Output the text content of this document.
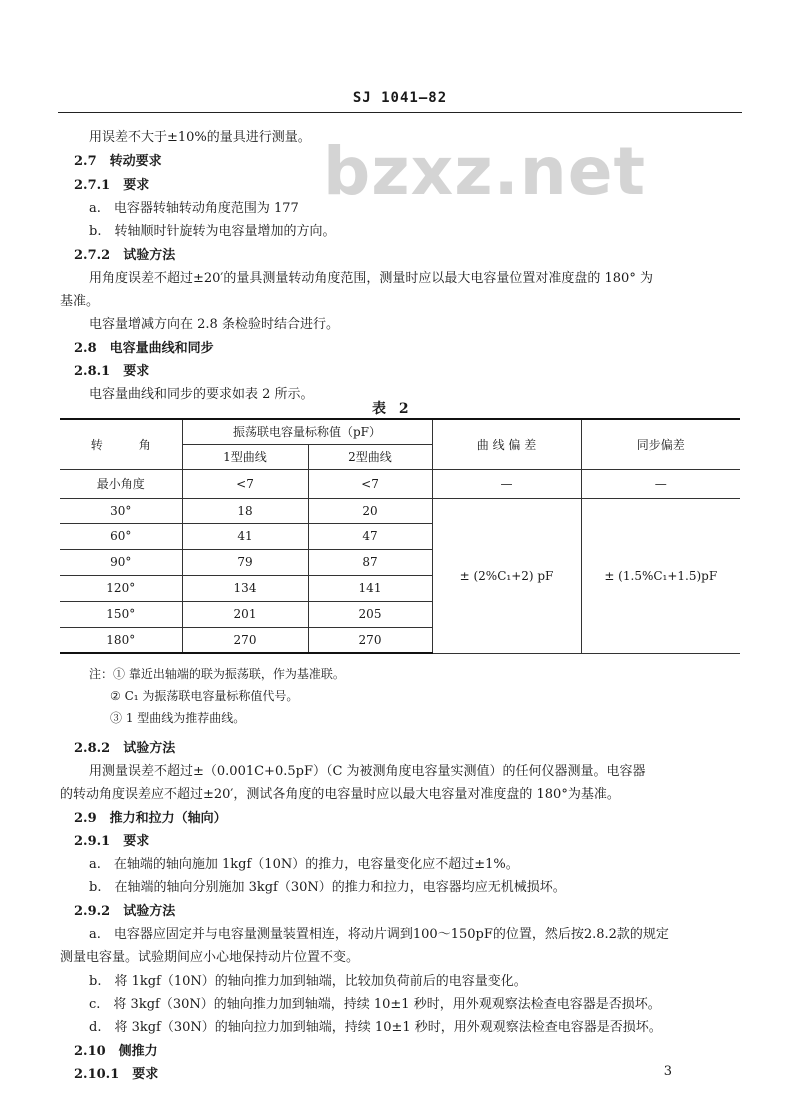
SJ 1041—82
bzxz.net
用误差不大于±10%的量具进行测量。
2.7　转动要求
2.7.1　要求
a.　电容器转轴转动角度范围为 177
b.　转轴顺时针旋转为电容量增加的方向。
2.7.2　试验方法
用角度误差不超过±20′的量具测量转动角度范围，测量时应以最大电容量位置对准度盘的 180° 为
基准。
电容量增减方向在 2.8 条检验时结合进行。
2.8　电容量曲线和同步
2.8.1　要求
电容量曲线和同步的要求如表 2 所示。
表 2
转　　　角	振荡联电容量标称值（pF）		曲 线 偏 差	同步偏差
	1型曲线	2型曲线		
最小角度	<7	<7	—	—
30°	18	20	± (2%C₁+2) pF	± (1.5%C₁+1.5)pF
60°	41	47		
90°	79	87		
120°	134	141		
150°	201	205		
180°	270	270		
注：① 靠近出轴端的联为振荡联，作为基准联。
② C₁ 为振荡联电容量标称值代号。
③ 1 型曲线为推荐曲线。
2.8.2　试验方法
用测量误差不超过±（0.001C+0.5pF）（C 为被测角度电容量实测值）的任何仪器测量。电容器
的转动角度误差应不超过±20′，测试各角度的电容量时应以最大电容量对准度盘的 180°为基准。
2.9　推力和拉力（轴向）
2.9.1　要求
a.　在轴端的轴向施加 1kgf（10N）的推力，电容量变化应不超过±1%。
b.　在轴端的轴向分别施加 3kgf（30N）的推力和拉力，电容器均应无机械损坏。
2.9.2　试验方法
a.　电容器应固定并与电容量测量装置相连，将动片调到100～150pF的位置，然后按2.8.2款的规定
测量电容量。试验期间应小心地保持动片位置不变。
b.　将 1kgf（10N）的轴向推力加到轴端，比较加负荷前后的电容量变化。
c.　将 3kgf（30N）的轴向推力加到轴端，持续 10±1 秒时，用外观观察法检查电容器是否损坏。
d.　将 3kgf（30N）的轴向拉力加到轴端，持续 10±1 秒时，用外观观察法检查电容器是否损坏。
2.10　侧推力
2.10.1　要求	3
